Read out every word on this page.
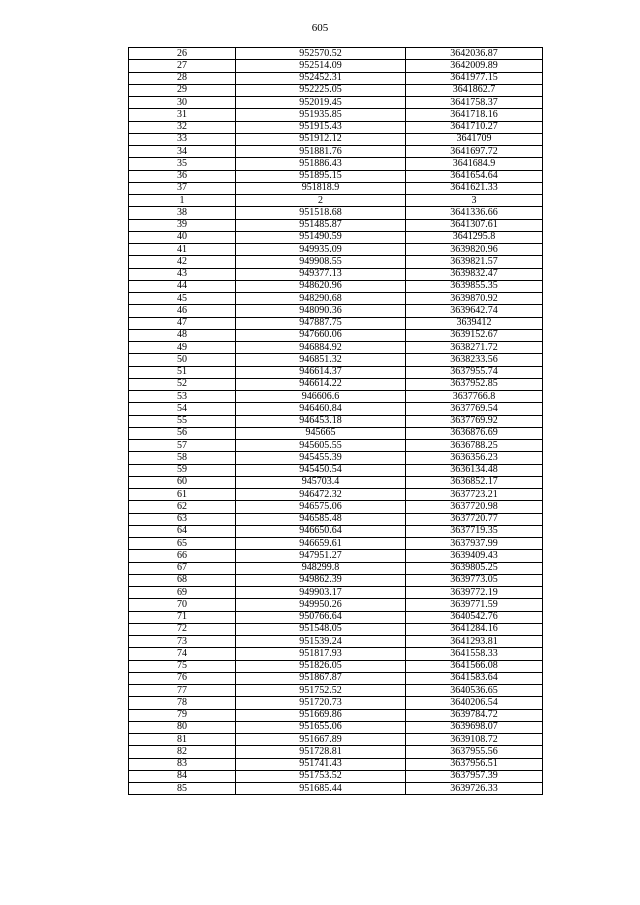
605
26	952570.52	3642036.87
27	952514.09	3642009.89
28	952452.31	3641977.15
29	952225.05	3641862.7
30	952019.45	3641758.37
31	951935.85	3641718.16
32	951915.43	3641710.27
33	951912.12	3641709
34	951881.76	3641697.72
35	951886.43	3641684.9
36	951895.15	3641654.64
37	951818.9	3641621.33
1	2	3
38	951518.68	3641336.66
39	951485.87	3641307.61
40	951490.59	3641295.8
41	949935.09	3639820.96
42	949908.55	3639821.57
43	949377.13	3639832.47
44	948620.96	3639855.35
45	948290.68	3639870.92
46	948090.36	3639642.74
47	947887.75	3639412
48	947660.06	3639152.67
49	946884.92	3638271.72
50	946851.32	3638233.56
51	946614.37	3637955.74
52	946614.22	3637952.85
53	946606.6	3637766.8
54	946460.84	3637769.54
55	946453.18	3637769.92
56	945665	3636876.69
57	945605.55	3636788.25
58	945455.39	3636356.23
59	945450.54	3636134.48
60	945703.4	3636852.17
61	946472.32	3637723.21
62	946575.06	3637720.98
63	946585.48	3637720.77
64	946650.64	3637719.35
65	946659.61	3637937.99
66	947951.27	3639409.43
67	948299.8	3639805.25
68	949862.39	3639773.05
69	949903.17	3639772.19
70	949950.26	3639771.59
71	950766.64	3640542.76
72	951548.05	3641284.16
73	951539.24	3641293.81
74	951817.93	3641558.33
75	951826.05	3641566.08
76	951867.87	3641583.64
77	951752.52	3640536.65
78	951720.73	3640206.54
79	951669.86	3639784.72
80	951655.06	3639698.07
81	951667.89	3639108.72
82	951728.81	3637955.56
83	951741.43	3637956.51
84	951753.52	3637957.39
85	951685.44	3639726.33
